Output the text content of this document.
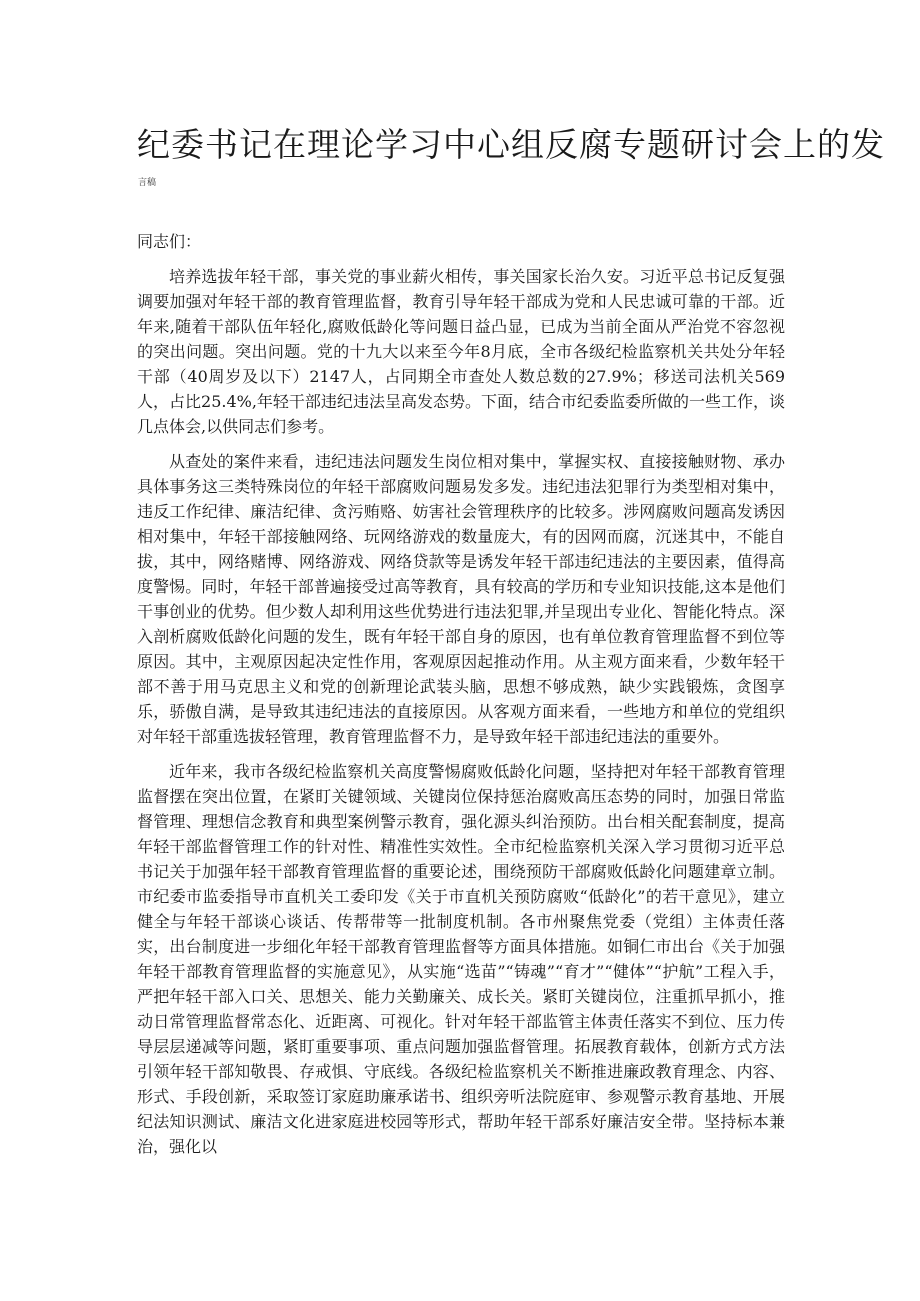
纪委书记在理论学习中心组反腐专题研讨会上的发
言稿

同志们：

培养选拔年轻干部，事关党的事业薪火相传，事关国家长治久安。习近平总书记反复强调要加强对年轻干部的教育管理监督，教育引导年轻干部成为党和人民忠诚可靠的干部。近年来,随着干部队伍年轻化,腐败低龄化等问题日益凸显，已成为当前全面从严治党不容忽视的突出问题。突出问题。党的十九大以来至今年8月底，全市各级纪检监察机关共处分年轻干部（40周岁及以下）2147人，占同期全市查处人数总数的27.9%；移送司法机关569人，占比25.4%,年轻干部违纪违法呈高发态势。下面，结合市纪委监委所做的一些工作，谈几点体会,以供同志们参考。

从查处的案件来看，违纪违法问题发生岗位相对集中，掌握实权、直接接触财物、承办具体事务这三类特殊岗位的年轻干部腐败问题易发多发。违纪违法犯罪行为类型相对集中，违反工作纪律、廉洁纪律、贪污贿赂、妨害社会管理秩序的比较多。涉网腐败问题高发诱因相对集中，年轻干部接触网络、玩网络游戏的数量庞大，有的因网而腐，沉迷其中，不能自拔，其中，网络赌博、网络游戏、网络贷款等是诱发年轻干部违纪违法的主要因素，值得高度警惕。同时，年轻干部普遍接受过高等教育，具有较高的学历和专业知识技能,这本是他们干事创业的优势。但少数人却利用这些优势进行违法犯罪,并呈现出专业化、智能化特点。深入剖析腐败低龄化问题的发生，既有年轻干部自身的原因，也有单位教育管理监督不到位等原因。其中，主观原因起决定性作用，客观原因起推动作用。从主观方面来看，少数年轻干部不善于用马克思主义和党的创新理论武装头脑，思想不够成熟，缺少实践锻炼，贪图享乐，骄傲自满，是导致其违纪违法的直接原因。从客观方面来看，一些地方和单位的党组织对年轻干部重选拔轻管理，教育管理监督不力，是导致年轻干部违纪违法的重要外。

近年来，我市各级纪检监察机关高度警惕腐败低龄化问题，坚持把对年轻干部教育管理监督摆在突出位置，在紧盯关键领域、关键岗位保持惩治腐败高压态势的同时，加强日常监督管理、理想信念教育和典型案例警示教育，强化源头纠治预防。出台相关配套制度，提高年轻干部监督管理工作的针对性、精准性实效性。全市纪检监察机关深入学习贯彻习近平总书记关于加强年轻干部教育管理监督的重要论述，围绕预防干部腐败低龄化问题建章立制。市纪委市监委指导市直机关工委印发《关于市直机关预防腐败“低龄化”的若干意见》，建立健全与年轻干部谈心谈话、传帮带等一批制度机制。各市州聚焦党委（党组）主体责任落实，出台制度进一步细化年轻干部教育管理监督等方面具体措施。如铜仁市出台《关于加强年轻干部教育管理监督的实施意见》，从实施“选苗”“铸魂”“育才”“健体”“护航”工程入手，严把年轻干部入口关、思想关、能力关勤廉关、成长关。紧盯关键岗位，注重抓早抓小，推动日常管理监督常态化、近距离、可视化。针对年轻干部监管主体责任落实不到位、压力传导层层递减等问题，紧盯重要事项、重点问题加强监督管理。拓展教育载体，创新方式方法引领年轻干部知敬畏、存戒惧、守底线。各级纪检监察机关不断推进廉政教育理念、内容、形式、手段创新，采取签订家庭助廉承诺书、组织旁听法院庭审、参观警示教育基地、开展纪法知识测试、廉洁文化进家庭进校园等形式，帮助年轻干部系好廉洁安全带。坚持标本兼治，强化以
